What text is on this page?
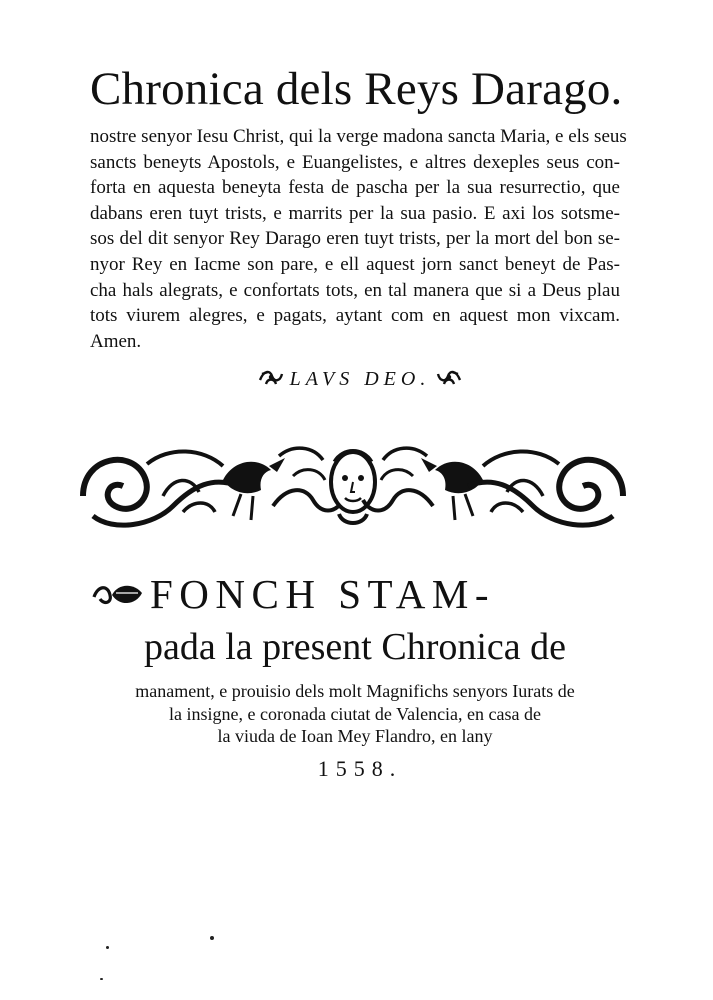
Chronica dels Reys Darago.
nostre senyor Iesu Christ, qui la verge madona sancta Maria, e els seus
sancts beneyts Apostols, e Euangelistes, e altres dexeples seus con-
forta en aquesta beneyta festa de pascha per la sua resurrectio, que
dabans eren tuyt trists, e marrits per la sua pasio. E axi los sotsme-
sos del dit senyor Rey Darago eren tuyt trists, per la mort del bon se-
nyor Rey en Iacme son pare, e ell aquest jorn sanct beneyt de Pas-
cha hals alegrats, e confortats tots, en tal manera que si a Deus plau
tots viurem alegres, e pagats, aytant com en aquest mon vixcam.
Amen.
LAVS DEO.
FONCH STAM-
pada la present Chronica de
manament, e prouisio dels molt Magnifichs senyors Iurats de
la insigne, e coronada ciutat de Valencia, en casa de
la viuda de Ioan Mey Flandro, en lany
1558.
